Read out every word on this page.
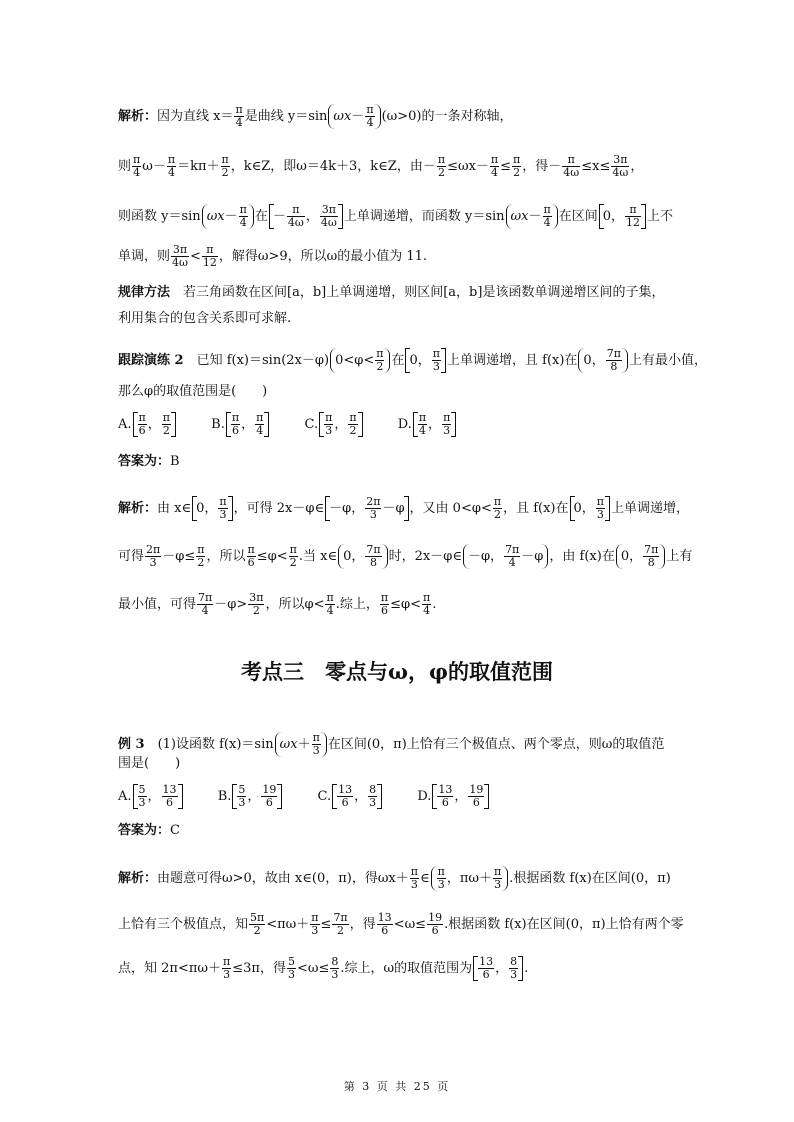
解析：因为直线 $x= \frac{\pi}{4}$ 是曲线 y＝sin $\omega x- \frac{\pi}{4} (\omega>0)$的一条对称轴，
则 $\frac{\pi}{4} \omega- \frac{\pi}{4} =k\pi+ \frac{\pi}{2}$ ，k∈Z，即ω＝4k＋3，k∈Z，由－ $\frac{\pi}{2} \le\omega x- \frac{\pi}{4} \le \frac{\pi}{2}$ ，得－ $\frac{\pi}{4\omega} \le x\le \frac{3\pi}{4\omega}$ ，
则函数 y＝sin $\omega x- \frac{\pi}{4}$ 在 － $\frac{\pi}{4\omega}$ ， $\frac{3\pi}{4\omega}$ 上单调递增，而函数 y＝sin $\omega x- \frac{\pi}{4}$ 在区间 0， $\frac{\pi}{12}$ 上不
单调，则 $\frac{3\pi}{4\omega} < \frac{\pi}{12}$ ，解得ω>9，所以ω的最小值为 11.
规律方法　若三角函数在区间[a，b]上单调递增，则区间[a，b]是该函数单调递增区间的子集，
利用集合的包含关系即可求解.
跟踪演练 2　已知 f(x)＝sin(2x－φ) $0<\varphi< \frac{\pi}{2}$ 在 0， $\frac{\pi}{3}$ 上单调递增，且 f(x)在 0， $\frac{7\pi}{8}$ 上有最小值，
那么φ的取值范围是(　　)
A. $\frac{\pi}{6}$ ， $\frac{\pi}{2}$	B. $\frac{\pi}{6}$ ， $\frac{\pi}{4}$	C. $\frac{\pi}{3}$ ， $\frac{\pi}{2}$	D. $\frac{\pi}{4}$ ， $\frac{\pi}{3}$
答案为：B
解析：由 x∈ 0， $\frac{\pi}{3}$ ，可得 2x－φ∈ －φ， $\frac{2\pi}{3} -\varphi$ ，又由 $0<\varphi< \frac{\pi}{2}$ ，且 f(x)在 0， $\frac{\pi}{3}$ 上单调递增，
可得 $\frac{2\pi}{3} -\varphi\le \frac{\pi}{2}$ ，所以 $\frac{\pi}{6} \le\varphi< \frac{\pi}{2}$ .当 x∈ 0， $\frac{7\pi}{8}$ 时，2x－φ∈ －φ， $\frac{7\pi}{4} -\varphi$ ，由 f(x)在 0， $\frac{7\pi}{8}$ 上有
最小值，可得 $\frac{7\pi}{4} -\varphi> \frac{3\pi}{2}$ ，所以$\varphi< \frac{\pi}{4}$ .综上， $\frac{\pi}{6} \le\varphi< \frac{\pi}{4}$ .
考点三　零点与ω，φ的取值范围
例 3　(1)设函数 f(x)＝sin $\omega x+ \frac{\pi}{3}$ 在区间(0，π)上恰有三个极值点、两个零点，则ω的取值范
围是(　　)
A. $\frac{5}{3}$ ， $\frac{13}{6}$	B. $\frac{5}{3}$ ， $\frac{19}{6}$	C. $\frac{13}{6}$ ， $\frac{8}{3}$	D. $\frac{13}{6}$ ， $\frac{19}{6}$
答案为：C
解析：由题意可得ω>0，故由 x∈(0，π)，得$\omega x+ \frac{\pi}{3}$ ∈ $\frac{\pi}{3}$ ，$\pi\omega+ \frac{\pi}{3}$ .根据函数 f(x)在区间(0，π)
上恰有三个极值点，知 $\frac{5\pi}{2} <\pi\omega+ \frac{\pi}{3} \le \frac{7\pi}{2}$ ，得 $\frac{13}{6} <\omega\le \frac{19}{6}$ .根据函数 f(x)在区间(0，π)上恰有两个零
点，知 $2\pi<\pi\omega+ \frac{\pi}{3} \le 3\pi$，得 $\frac{5}{3} <\omega\le \frac{8}{3}$ .综上，ω的取值范围为 $\frac{13}{6}$ ， $\frac{8}{3}$ .
第 3 页 共 25 页
